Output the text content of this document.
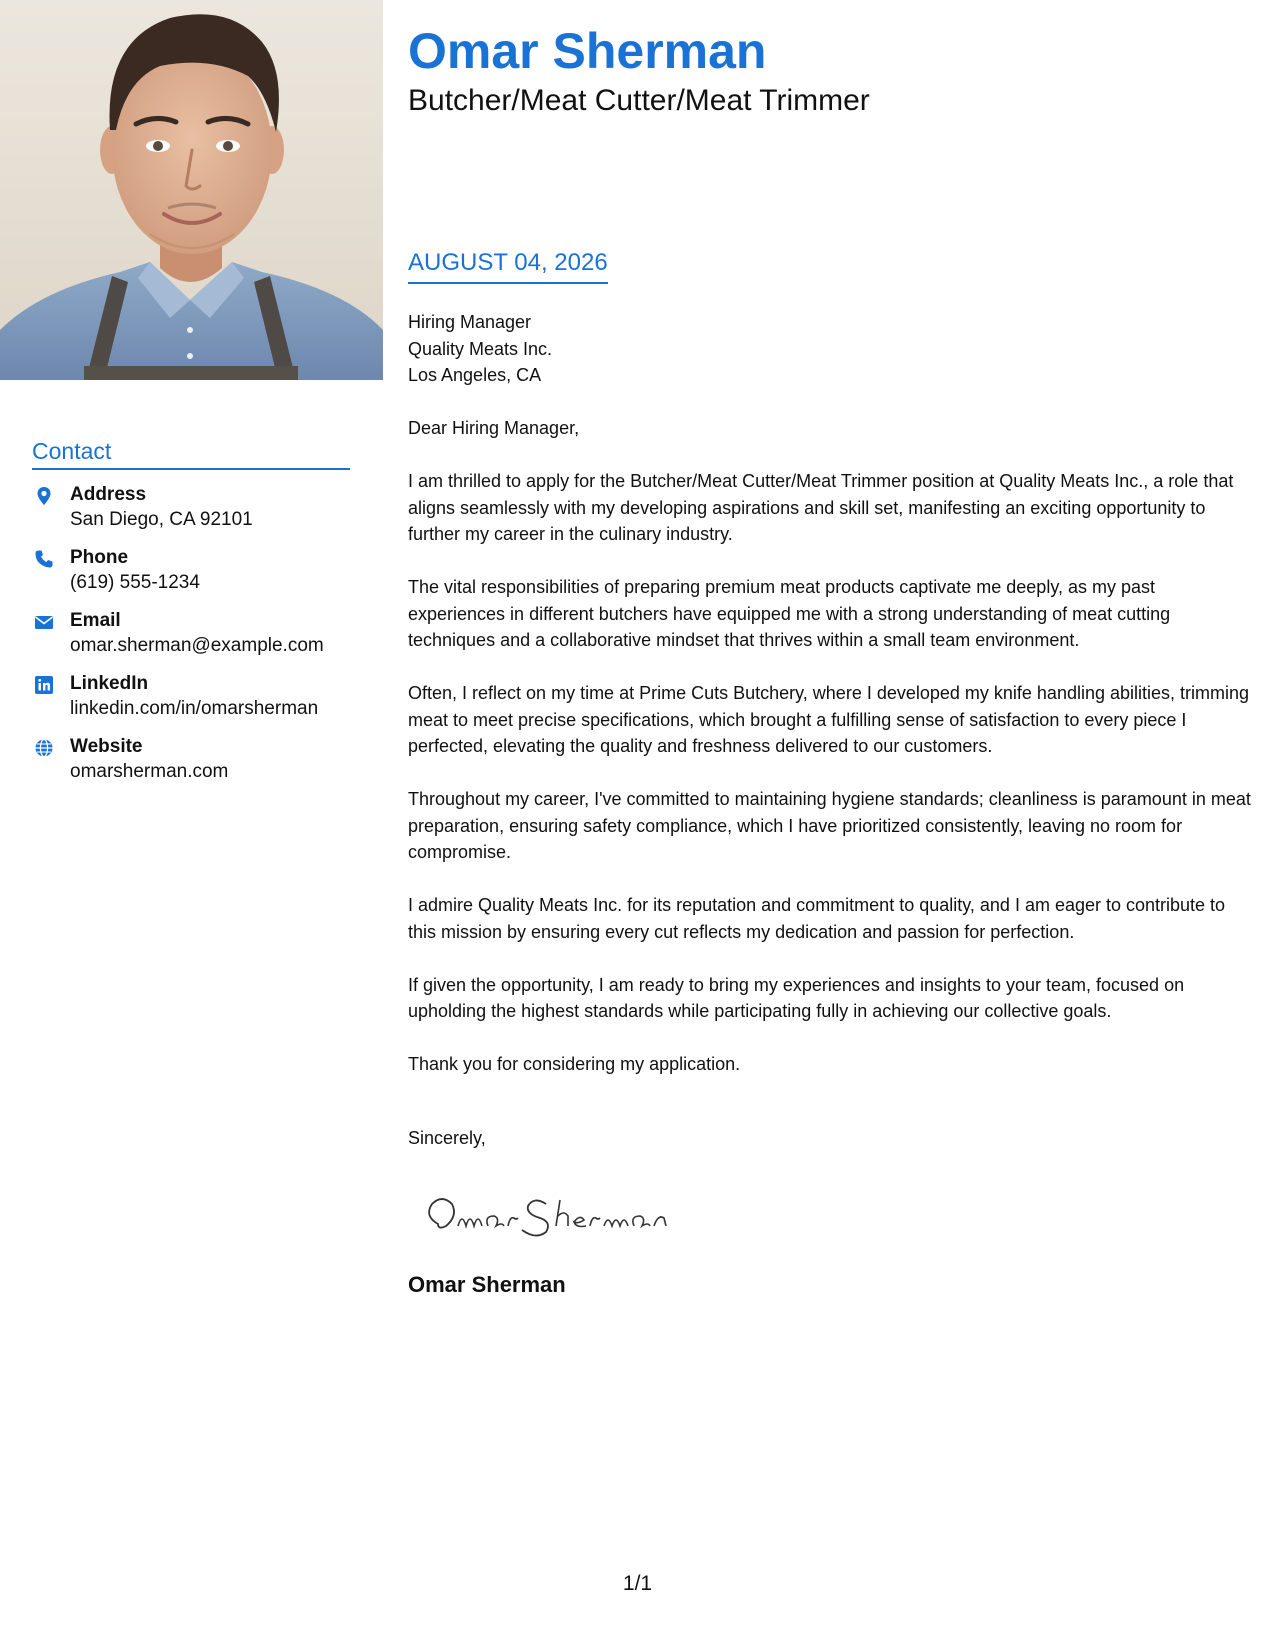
Contact
Address
San Diego, CA 92101
Phone
(619) 555-1234
Email
omar.sherman@example.com
LinkedIn
linkedin.com/in/omarsherman
Website
omarsherman.com
Omar Sherman
Butcher/Meat Cutter/Meat Trimmer
AUGUST 04, 2026
Hiring Manager
Quality Meats Inc.
Los Angeles, CA

Dear Hiring Manager,

I am thrilled to apply for the Butcher/Meat Cutter/Meat Trimmer position at Quality Meats Inc., a role that aligns seamlessly with my developing aspirations and skill set, manifesting an exciting opportunity to further my career in the culinary industry.

The vital responsibilities of preparing premium meat products captivate me deeply, as my past experiences in different butchers have equipped me with a strong understanding of meat cutting techniques and a collaborative mindset that thrives within a small team environment.

Often, I reflect on my time at Prime Cuts Butchery, where I developed my knife handling abilities, trimming meat to meet precise specifications, which brought a fulfilling sense of satisfaction to every piece I perfected, elevating the quality and freshness delivered to our customers.

Throughout my career, I've committed to maintaining hygiene standards; cleanliness is paramount in meat preparation, ensuring safety compliance, which I have prioritized consistently, leaving no room for compromise.

I admire Quality Meats Inc. for its reputation and commitment to quality, and I am eager to contribute to this mission by ensuring every cut reflects my dedication and passion for perfection.

If given the opportunity, I am ready to bring my experiences and insights to your team, focused on upholding the highest standards while participating fully in achieving our collective goals.

Thank you for considering my application.

Sincerely,
Omar Sherman
1/1
